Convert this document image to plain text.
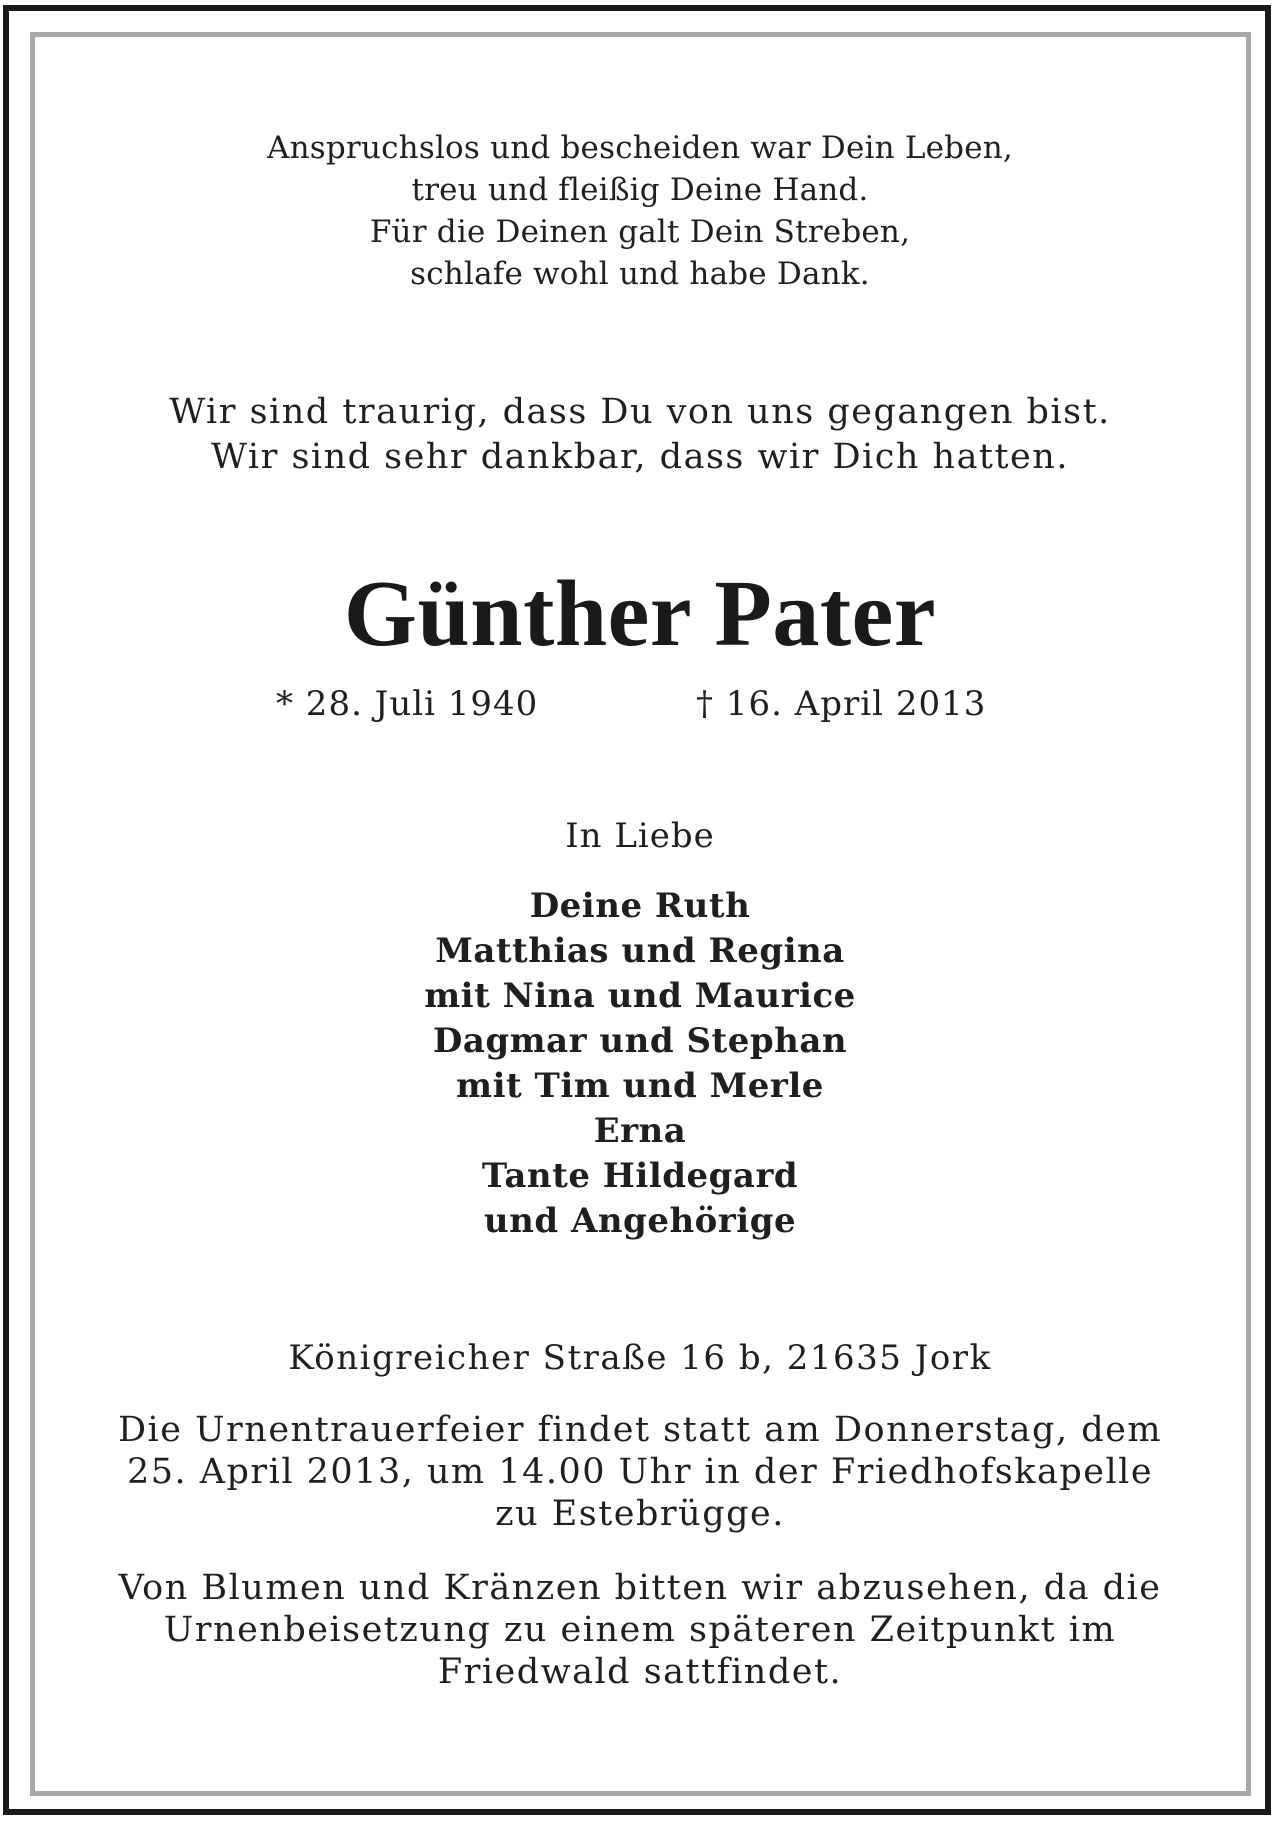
Anspruchslos und bescheiden war Dein Leben,
treu und fleißig Deine Hand.
Für die Deinen galt Dein Streben,
schlafe wohl und habe Dank.
Wir sind traurig, dass Du von uns gegangen bist.
Wir sind sehr dankbar, dass wir Dich hatten.
Günther Pater
* 28. Juli 1940	† 16. April 2013
In Liebe
Deine Ruth
Matthias und Regina
mit Nina und Maurice
Dagmar und Stephan
mit Tim und Merle
Erna
Tante Hildegard
und Angehörige
Königreicher Straße 16 b, 21635 Jork
Die Urnentrauerfeier findet statt am Donnerstag, dem
25. April 2013, um 14.00 Uhr in der Friedhofskapelle
zu Estebrügge.
Von Blumen und Kränzen bitten wir abzusehen, da die
Urnenbeisetzung zu einem späteren Zeitpunkt im
Friedwald sattfindet.
